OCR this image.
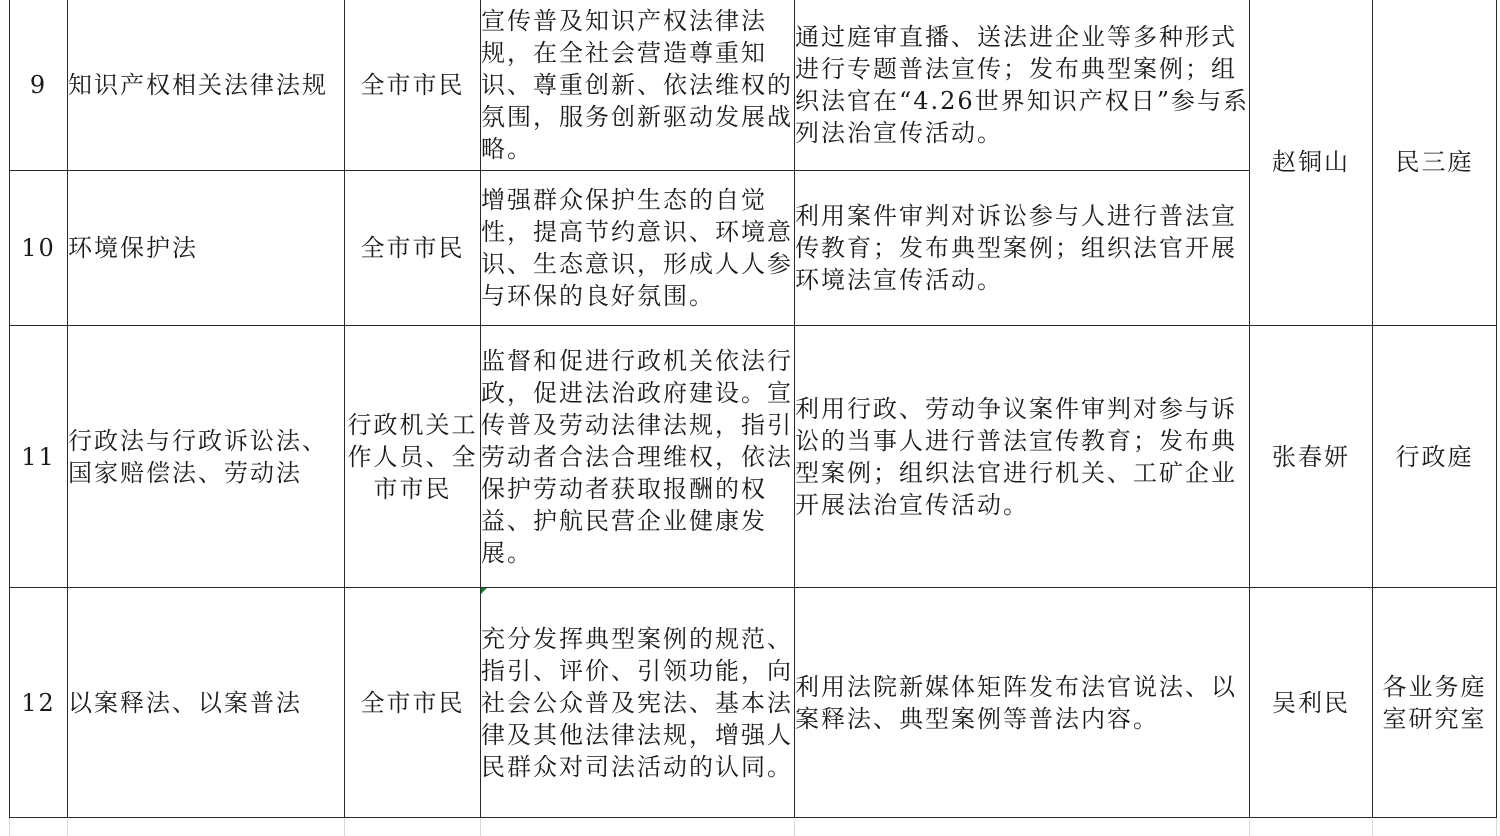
9	知识产权相关法律法规	全市市民	宣传普及知识产权法律法规，在全社会营造尊重知识、尊重创新、依法维权的氛围，服务创新驱动发展战略。	通过庭审直播、送法进企业等多种形式进行专题普法宣传；发布典型案例；组织法官在“4.26世界知识产权日”参与系列法治宣传活动。	赵铜山	民三庭
10	环境保护法	全市市民	增强群众保护生态的自觉性，提高节约意识、环境意识、生态意识，形成人人参与环保的良好氛围。	利用案件审判对诉讼参与人进行普法宣传教育；发布典型案例；组织法官开展环境法宣传活动。		
11	行政法与行政诉讼法、国家赔偿法、劳动法	行政机关工作人员、全市市民	监督和促进行政机关依法行政，促进法治政府建设。宣传普及劳动法律法规，指引劳动者合法合理维权，依法保护劳动者获取报酬的权益、护航民营企业健康发展。	利用行政、劳动争议案件审判对参与诉讼的当事人进行普法宣传教育；发布典型案例；组织法官进行机关、工矿企业开展法治宣传活动。	张春妍	行政庭
12	以案释法、以案普法	全市市民	充分发挥典型案例的规范、指引、评价、引领功能，向社会公众普及宪法、基本法律及其他法律法规，增强人民群众对司法活动的认同。	利用法院新媒体矩阵发布法官说法、以案释法、典型案例等普法内容。	吴利民	各业务庭室研究室
